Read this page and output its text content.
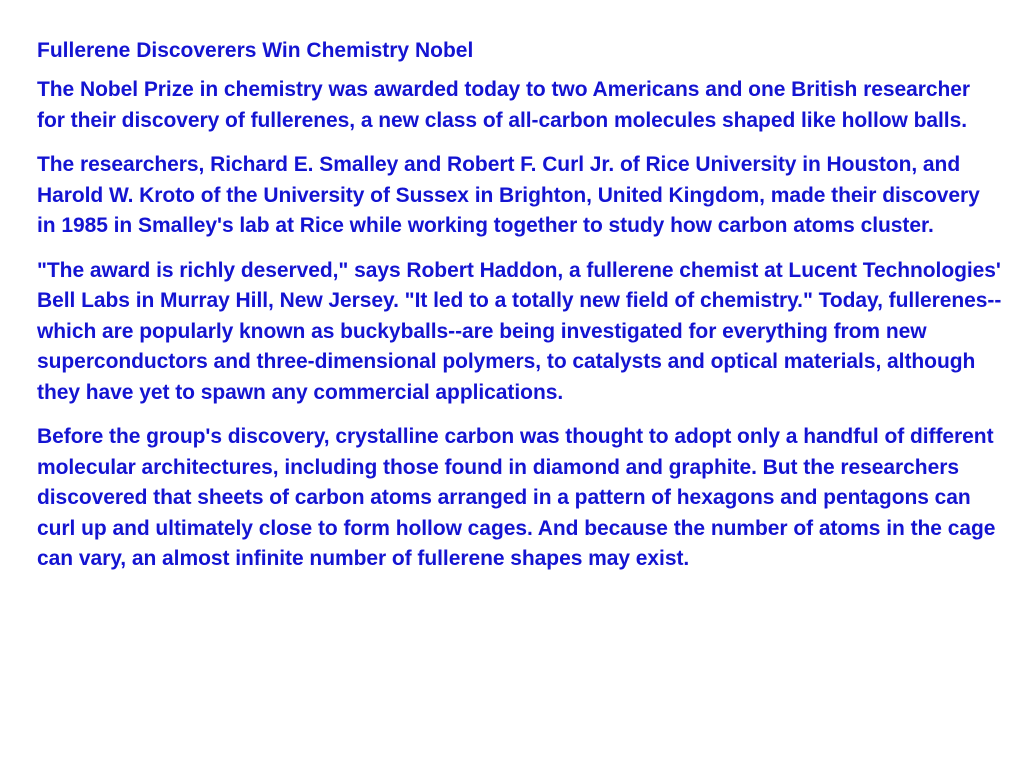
Fullerene Discoverers Win Chemistry Nobel

The Nobel Prize in chemistry was awarded today to two Americans and one British researcher for their discovery of fullerenes, a new class of all-carbon molecules shaped like hollow balls.

The researchers, Richard E. Smalley and Robert F. Curl Jr. of Rice University in Houston, and Harold W. Kroto of the University of Sussex in Brighton, United Kingdom, made their discovery in 1985 in Smalley's lab at Rice while working together to study how carbon atoms cluster.

"The award is richly deserved," says Robert Haddon, a fullerene chemist at Lucent Technologies' Bell Labs in Murray Hill, New Jersey. "It led to a totally new field of chemistry." Today, fullerenes--which are popularly known as buckyballs--are being investigated for everything from new superconductors and three-dimensional polymers, to catalysts and optical materials, although they have yet to spawn any commercial applications.

Before the group's discovery, crystalline carbon was thought to adopt only a handful of different molecular architectures, including those found in diamond and graphite. But the researchers discovered that sheets of carbon atoms arranged in a pattern of hexagons and pentagons can curl up and ultimately close to form hollow cages. And because the number of atoms in the cage can vary, an almost infinite number of fullerene shapes may exist.
